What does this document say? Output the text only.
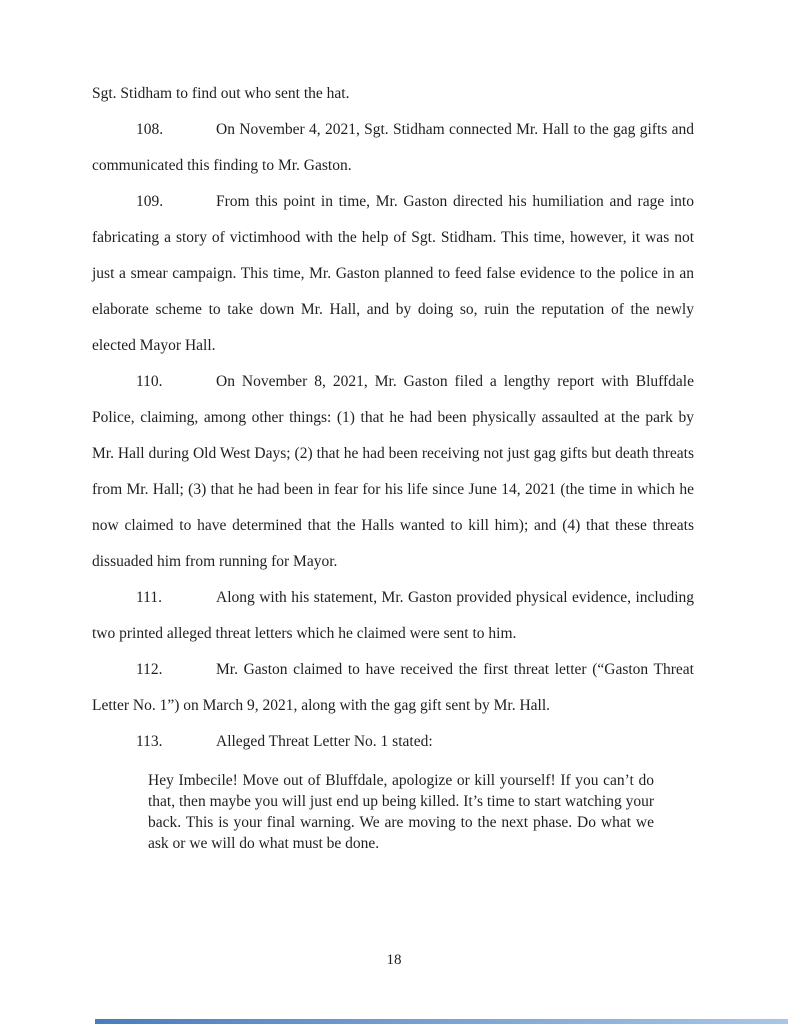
Sgt. Stidham to find out who sent the hat.

108.	On November 4, 2021, Sgt. Stidham connected Mr. Hall to the gag gifts and communicated this finding to Mr. Gaston.

109.	From this point in time, Mr. Gaston directed his humiliation and rage into fabricating a story of victimhood with the help of Sgt. Stidham. This time, however, it was not just a smear campaign. This time, Mr. Gaston planned to feed false evidence to the police in an elaborate scheme to take down Mr. Hall, and by doing so, ruin the reputation of the newly elected Mayor Hall.

110.	On November 8, 2021, Mr. Gaston filed a lengthy report with Bluffdale Police, claiming, among other things: (1) that he had been physically assaulted at the park by Mr. Hall during Old West Days; (2) that he had been receiving not just gag gifts but death threats from Mr. Hall; (3) that he had been in fear for his life since June 14, 2021 (the time in which he now claimed to have determined that the Halls wanted to kill him); and (4) that these threats dissuaded him from running for Mayor.

111.	Along with his statement, Mr. Gaston provided physical evidence, including two printed alleged threat letters which he claimed were sent to him.

112.	Mr. Gaston claimed to have received the first threat letter (“Gaston Threat Letter No. 1”) on March 9, 2021, along with the gag gift sent by Mr. Hall.

113.	Alleged Threat Letter No. 1 stated:

Hey Imbecile! Move out of Bluffdale, apologize or kill yourself! If you can’t do that, then maybe you will just end up being killed. It’s time to start watching your back. This is your final warning. We are moving to the next phase. Do what we ask or we will do what must be done.
18
